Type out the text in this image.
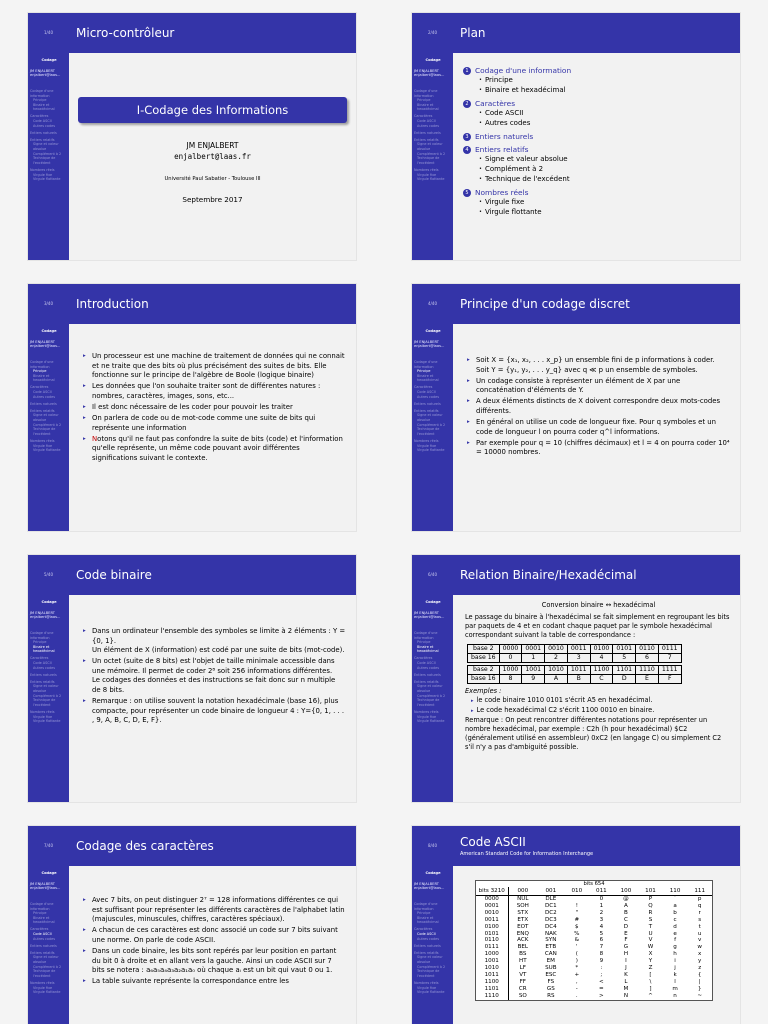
Codage
JM ENJALBERT
enjalbert@laas...
Codage d'une
information
Principe
Binaire et
hexadécimal
Caractères
Code ASCII
Autres codes
Entiers naturels
Entiers relatifs
Signe et valeur
absolue
Complément à 2
Technique de
l'excédent
Nombres réels
Virgule fixe
Virgule flottante
Micro-contrôleur
1/40
I-Codage des Informations
JM ENJALBERT
enjalbert@laas.fr
Université Paul Sabatier - Toulouse III
Septembre 2017
Codage
JM ENJALBERT
enjalbert@laas...
Codage d'une
information
Principe
Binaire et
hexadécimal
Caractères
Code ASCII
Autres codes
Entiers naturels
Entiers relatifs
Signe et valeur
absolue
Complément à 2
Technique de
l'excédent
Nombres réels
Virgule fixe
Virgule flottante
Plan
2/40
1 Codage d'une information
• Principe
• Binaire et hexadécimal
2 Caractères
• Code ASCII
• Autres codes
3 Entiers naturels
4 Entiers relatifs
• Signe et valeur absolue
• Complément à 2
• Technique de l'excédent
5 Nombres réels
• Virgule fixe
• Virgule flottante
Codage
JM ENJALBERT
enjalbert@laas...
Codage d'une
information
Principe
Binaire et
hexadécimal
Caractères
Code ASCII
Autres codes
Entiers naturels
Entiers relatifs
Signe et valeur
absolue
Complément à 2
Technique de
l'excédent
Nombres réels
Virgule fixe
Virgule flottante
Introduction
3/40
▸ Un processeur est une machine de traitement de données qui ne connait et ne traite que des bits où plus précisément des suites de bits. Elle fonctionne sur le principe de l'algèbre de Boole (logique binaire)
▸ Les données que l'on souhaite traiter sont de différentes natures : nombres, caractères, images, sons, etc...
▸ Il est donc nécessaire de les coder pour pouvoir les traiter
▸ On parlera de code ou de mot-code comme une suite de bits qui représente une information
▸ Notons qu'il ne faut pas confondre la suite de bits (code) et l'information qu'elle représente, un même code pouvant avoir différentes significations suivant le contexte.
Codage
JM ENJALBERT
enjalbert@laas...
Codage d'une
information
Principe
Binaire et
hexadécimal
Caractères
Code ASCII
Autres codes
Entiers naturels
Entiers relatifs
Signe et valeur
absolue
Complément à 2
Technique de
l'excédent
Nombres réels
Virgule fixe
Virgule flottante
Principe d'un codage discret
4/40
▸ Soit X = {x₁, x₂, . . . x_p} un ensemble fini de p informations à coder.
Soit Y = {y₁, y₂, . . . y_q} avec q ≪ p un ensemble de symboles.
▸ Un codage consiste à représenter un élément de X par une concaténation d'éléments de Y.
▸ A deux éléments distincts de X doivent correspondre deux mots-codes différents.
▸ En général on utilise un code de longueur fixe. Pour q symboles et un code de longueur l on pourra coder q^l informations.
▸ Par exemple pour q = 10 (chiffres décimaux) et l = 4 on pourra coder 10⁴ = 10000 nombres.
Codage
JM ENJALBERT
enjalbert@laas...
Codage d'une
information
Principe
Binaire et
hexadécimal
Caractères
Code ASCII
Autres codes
Entiers naturels
Entiers relatifs
Signe et valeur
absolue
Complément à 2
Technique de
l'excédent
Nombres réels
Virgule fixe
Virgule flottante
Code binaire
5/40
▸ Dans un ordinateur l'ensemble des symboles se limite à 2 éléments : Y = {0, 1}.
Un élément de X (information) est codé par une suite de bits (mot-code).
▸ Un octet (suite de 8 bits) est l'objet de taille minimale accessible dans une mémoire. Il permet de coder 2⁸ soit 256 informations différentes.
Le codages des données et des instructions se fait donc sur n multiple de 8 bits.
▸ Remarque : on utilise souvent la notation hexadécimale (base 16), plus compacte, pour représenter un code binaire de longueur 4 : Y={0, 1, . . . , 9, A, B, C, D, E, F}.
Codage
JM ENJALBERT
enjalbert@laas...
Codage d'une
information
Principe
Binaire et
hexadécimal
Caractères
Code ASCII
Autres codes
Entiers naturels
Entiers relatifs
Signe et valeur
absolue
Complément à 2
Technique de
l'excédent
Nombres réels
Virgule fixe
Virgule flottante
Relation Binaire/Hexadécimal
6/40
Conversion binaire ↔ hexadécimal
Le passage du binaire à l'hexadécimal se fait simplement en regroupant les bits par paquets de 4 et en codant chaque paquet par le symbole hexadécimal correspondant suivant la table de correspondance :
base 2	0000	0001	0010	0011	0100	0101	0110	0111
base 16	0	1	2	3	4	5	6	7
base 2	1000	1001	1010	1011	1100	1101	1110	1111
base 16	8	9	A	B	C	D	E	F
Exemples :
▸ le code binaire 1010 0101 s'écrit A5 en hexadécimal.
▸ Le code hexadécimal C2 s'écrit 1100 0010 en binaire.
Remarque : On peut rencontrer différentes notations pour représenter un nombre hexadécimal, par exemple : C2h (h pour hexadécimal) $C2 (généralement utilisé en assembleur) 0xC2 (en langage C) ou simplement C2 s'il n'y a pas d'ambiguité possible.
Codage
JM ENJALBERT
enjalbert@laas...
Codage d'une
information
Principe
Binaire et
hexadécimal
Caractères
Code ASCII
Autres codes
Entiers naturels
Entiers relatifs
Signe et valeur
absolue
Complément à 2
Technique de
l'excédent
Nombres réels
Virgule fixe
Virgule flottante
Codage des caractères
7/40
▸ Avec 7 bits, on peut distinguer 2⁷ = 128 informations différentes ce qui est suffisant pour représenter les différents caractères de l'alphabet latin (majuscules, minuscules, chiffres, caractères spéciaux).
▸ A chacun de ces caractères est donc associé un code sur 7 bits suivant une norme. On parle de code ASCII.
▸ Dans un code binaire, les bits sont repérés par leur position en partant du bit 0 à droite et en allant vers la gauche. Ainsi un code ASCII sur 7 bits se notera : a₆a₅a₄a₃a₂a₁a₀ où chaque aᵢ est un bit qui vaut 0 ou 1.
▸ La table suivante représente la correspondance entre les
Codage
JM ENJALBERT
enjalbert@laas...
Codage d'une
information
Principe
Binaire et
hexadécimal
Caractères
Code ASCII
Autres codes
Entiers naturels
Entiers relatifs
Signe et valeur
absolue
Complément à 2
Technique de
l'excédent
Nombres réels
Virgule fixe
Virgule flottante
Code ASCII
American Standard Code for Information Interchange
8/40
bits 654
bits 3210	000	001	010	011	100	101	110	111
0000	NUL	DLE		0	@	P	`	p
0001	SOH	DC1	!	1	A	Q	a	q
0010	STX	DC2	"	2	B	R	b	r
0011	ETX	DC3	#	3	C	S	c	s
0100	EOT	DC4	$	4	D	T	d	t
0101	ENQ	NAK	%	5	E	U	e	u
0110	ACK	SYN	&	6	F	V	f	v
0111	BEL	ETB	'	7	G	W	g	w
1000	BS	CAN	(	8	H	X	h	x
1001	HT	EM	)	9	I	Y	i	y
1010	LF	SUB	*	:	J	Z	j	z
1011	VT	ESC	+	;	K	[	k	{
1100	FF	FS	,	<	L	\	l	|
1101	CR	GS	-	=	M	]	m	}
1110	SO	RS	.	>	N	^	n	~
